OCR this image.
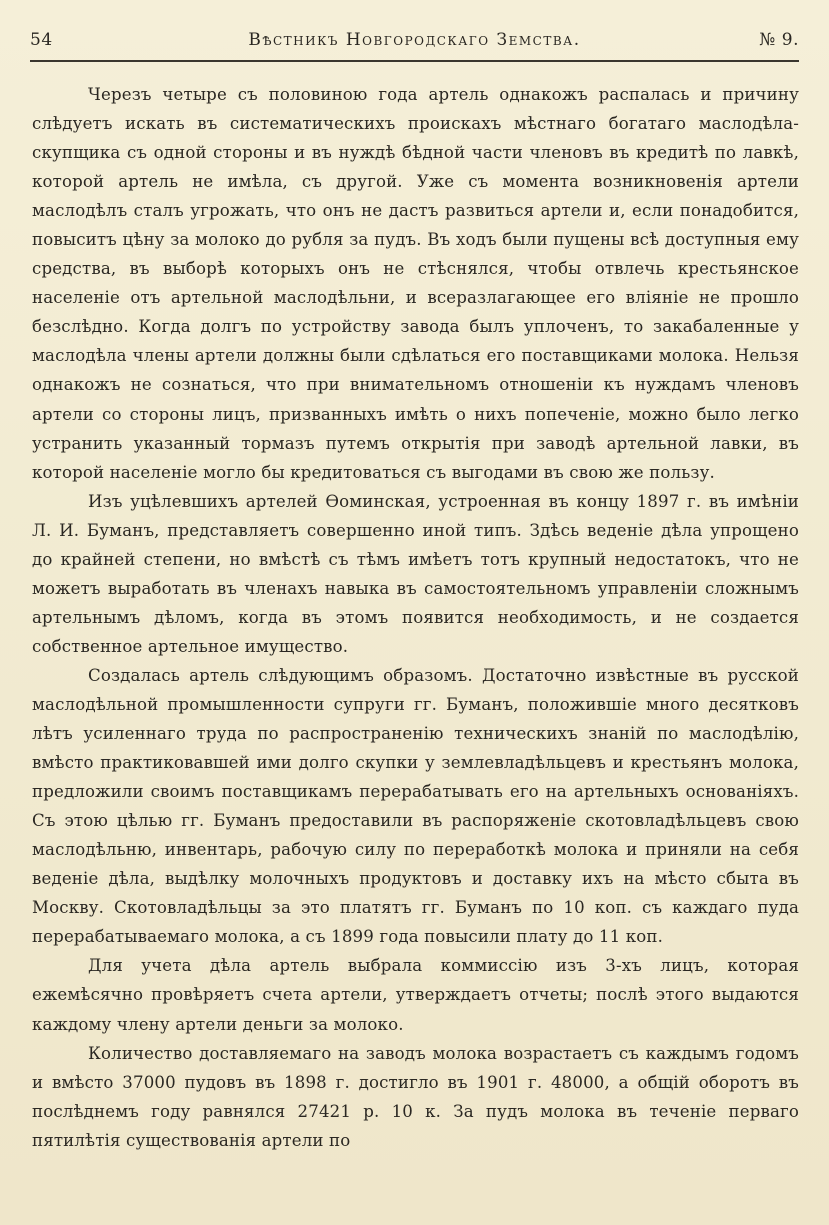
54	Вѣстникъ Новгородскаго Земства.	№ 9.

Черезъ четыре съ половиною года артель однакожъ распалась и причину слѣдуетъ искать въ систематическихъ проискахъ мѣстнаго богатаго маслодѣла-скупщика съ одной стороны и въ нуждѣ бѣдной части членовъ въ кредитѣ по лавкѣ, которой артель не имѣла, съ другой. Уже съ момента возникновенія артели маслодѣлъ сталъ угрожать, что онъ не дастъ развиться артели и, если понадобится, повыситъ цѣну за молоко до рубля за пудъ. Въ ходъ были пущены всѣ доступныя ему средства, въ выборѣ которыхъ онъ не стѣснялся, чтобы отвлечь крестьянское населеніе отъ артельной маслодѣльни, и всеразлагающее его вліяніе не прошло безслѣдно. Когда долгъ по устройству завода былъ уплоченъ, то закабаленные у маслодѣла члены артели должны были сдѣлаться его поставщиками молока. Нельзя однакожъ не сознаться, что при внимательномъ отношеніи къ нуждамъ членовъ артели со стороны лицъ, призванныхъ имѣть о нихъ попеченіе, можно было легко устранить указанный тормазъ путемъ открытія при заводѣ артельной лавки, въ которой населеніе могло бы кредитоваться съ выгодами въ свою же пользу.

Изъ уцѣлевшихъ артелей Ѳоминская, устроенная въ концу 1897 г. въ имѣніи Л. И. Буманъ, представляетъ совершенно иной типъ. Здѣсь веденіе дѣла упрощено до крайней степени, но вмѣстѣ съ тѣмъ имѣетъ тотъ крупный недостатокъ, что не можетъ выработать въ членахъ навыка въ самостоятельномъ управленіи сложнымъ артельнымъ дѣломъ, когда въ этомъ появится необходимость, и не создается собственное артельное имущество.

Создалась артель слѣдующимъ образомъ. Достаточно извѣстные въ русской маслодѣльной промышленности супруги гг. Буманъ, положившіе много десятковъ лѣтъ усиленнаго труда по распространенію техническихъ знаній по маслодѣлію, вмѣсто практиковавшей ими долго скупки у землевладѣльцевъ и крестьянъ молока, предложили своимъ поставщикамъ перерабатывать его на артельныхъ основаніяхъ. Съ этою цѣлью гг. Буманъ предоставили въ распоряженіе скотовладѣльцевъ свою маслодѣльню, инвентарь, рабочую силу по переработкѣ молока и приняли на себя веденіе дѣла, выдѣлку молочныхъ продуктовъ и доставку ихъ на мѣсто сбыта въ Москву. Скотовладѣльцы за это платятъ гг. Буманъ по 10 коп. съ каждаго пуда перерабатываемаго молока, а съ 1899 года повысили плату до 11 коп.

Для учета дѣла артель выбрала коммиссію изъ 3-хъ лицъ, которая ежемѣсячно провѣряетъ счета артели, утверждаетъ отчеты; послѣ этого выдаются каждому члену артели деньги за молоко.

Количество доставляемаго на заводъ молока возрастаетъ съ каждымъ годомъ и вмѣсто 37000 пудовъ въ 1898 г. достигло въ 1901 г. 48000, а общій оборотъ въ послѣднемъ году равнялся 27421 р. 10 к. За пудъ молока въ теченіе перваго пятилѣтія существованія артели по
